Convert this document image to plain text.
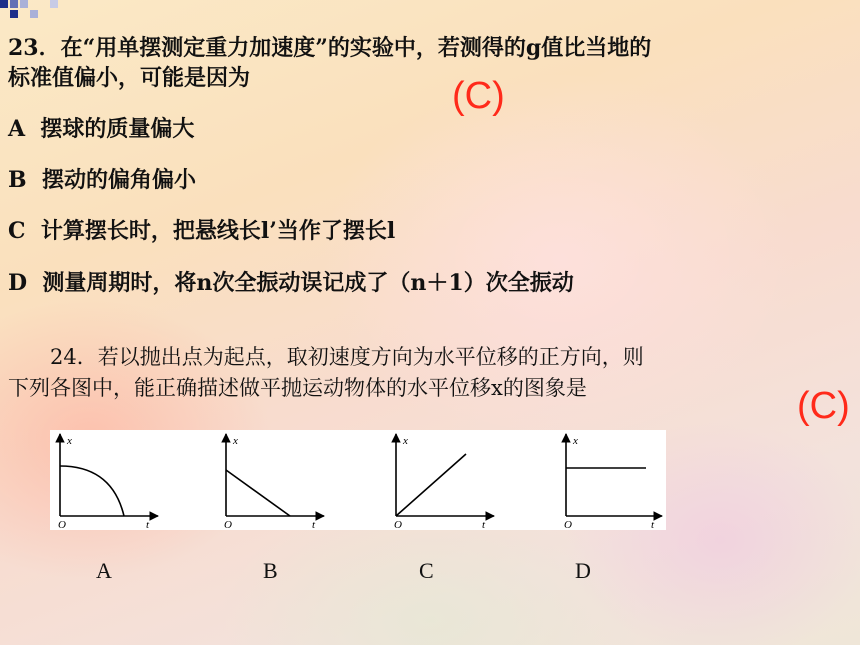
23．在“用单摆测定重力加速度”的实验中，若测得的g值比当地的

标准值偏小，可能是因为	(C)

A 摆球的质量偏大

B 摆动的偏角偏小

C 计算摆长时，把悬线长l’当作了摆长l

D 测量周期时，将n次全振动误记成了（n＋1）次全振动

　　24．若以抛出点为起点，取初速度方向为水平位移的正方向，则
下列各图中，能正确描述做平抛运动物体的水平位移x的图象是	(C)
x
t
O
x
t
O
x
t
O
x
t
O
A	B	C	D
